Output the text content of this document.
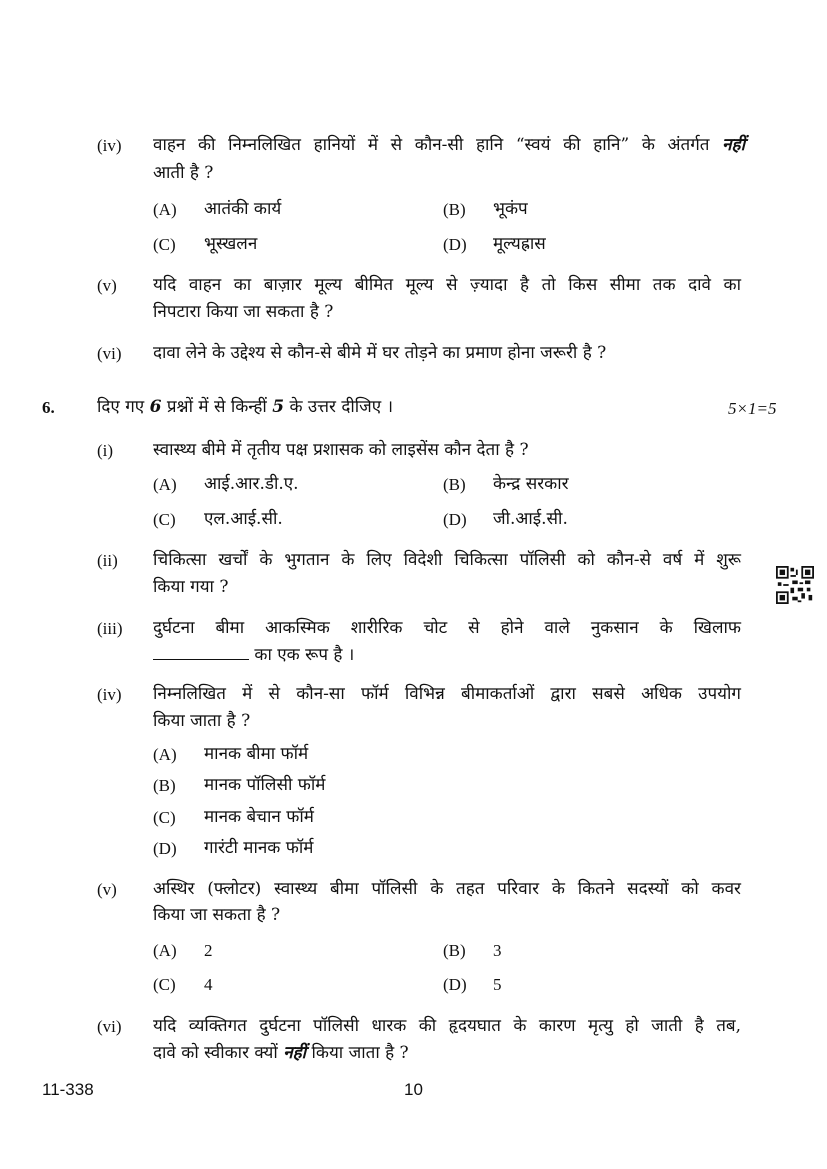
(iv) वाहन की निम्नलिखित हानियों में से कौन-सी हानि “स्वयं की हानि” के अंतर्गत नहीं
आती है ?
(A) आतंकी कार्य	(B) भूकंप
(C) भूस्खलन	(D) मूल्यह्रास
(v) यदि वाहन का बाज़ार मूल्य बीमित मूल्य से ज़्यादा है तो किस सीमा तक दावे का
निपटारा किया जा सकता है ?
(vi) दावा लेने के उद्देश्य से कौन-से बीमे में घर तोड़ने का प्रमाण होना जरूरी है ?
6. दिए गए 6 प्रश्नों में से किन्हीं 5 के उत्तर दीजिए ।	5×1=5
(i) स्वास्थ्य बीमे में तृतीय पक्ष प्रशासक को लाइसेंस कौन देता है ?
(A) आई.आर.डी.ए.	(B) केन्द्र सरकार
(C) एल.आई.सी.	(D) जी.आई.सी.
(ii) चिकित्सा खर्चों के भुगतान के लिए विदेशी चिकित्सा पॉलिसी को कौन-से वर्ष में शुरू
किया गया ?
(iii) दुर्घटना बीमा आकस्मिक शारीरिक चोट से होने वाले नुकसान के खिलाफ
का एक रूप है ।
(iv) निम्नलिखित में से कौन-सा फॉर्म विभिन्न बीमाकर्ताओं द्वारा सबसे अधिक उपयोग
किया जाता है ?
(A) मानक बीमा फॉर्म
(B) मानक पॉलिसी फॉर्म
(C) मानक बेचान फॉर्म
(D) गारंटी मानक फॉर्म
(v) अस्थिर (फ्लोटर) स्वास्थ्य बीमा पॉलिसी के तहत परिवार के कितने सदस्यों को कवर
किया जा सकता है ?
(A) 2	(B) 3
(C) 4	(D) 5
(vi) यदि व्यक्तिगत दुर्घटना पॉलिसी धारक की हृदयघात के कारण मृत्यु हो जाती है तब,
दावे को स्वीकार क्यों नहीं किया जाता है ?
11-338	10
